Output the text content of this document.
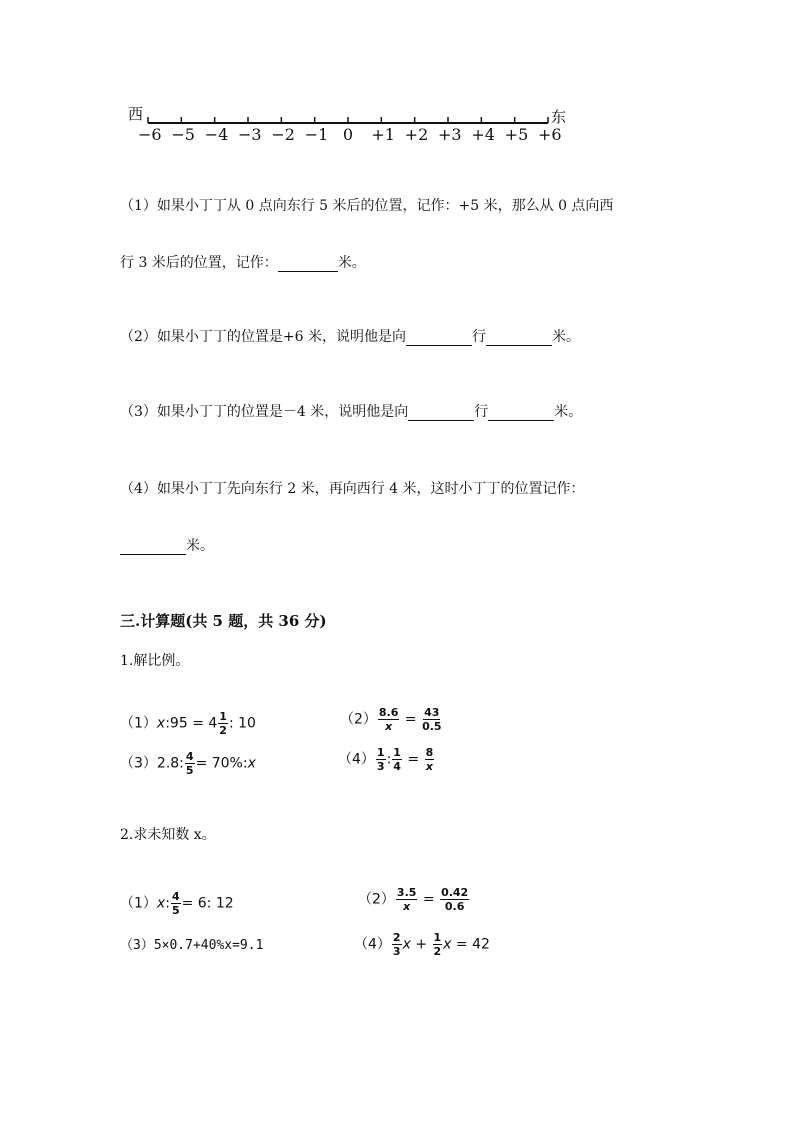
西	东
−6 −5 −4 −3 −2 −1 0	+1 +2 +3 +4 +5 +6
（1）如果小丁丁从 0 点向东行 5 米后的位置，记作：+5 米，那么从 0 点向西
行 3 米后的位置，记作：	米。
（2）如果小丁丁的位置是+6 米，说明他是向	行	米。
（3）如果小丁丁的位置是－4 米，说明他是向	行	米。
（4）如果小丁丁先向东行 2 米，再向西行 4 米，这时小丁丁的位置记作：
米。
三.计算题(共 5 题，共 36 分)
1.解比例。
（1）x:95 = $4 \frac{1}{2}$ : 10	$(2) \frac{8.6}{x} = \frac{43}{0.5}$
（3）2.8: $\frac{4}{5}$ = 70%:x	$(4) \frac{1}{3}$ : $\frac{1}{4} = \frac{8}{x}$
2.求未知数 x。
（1）x: $\frac{4}{5} = 6$: 12	$(2) \frac{3.5}{x} = \frac{0.42}{0.6}$
（3）5×0.7+40%x=9.1	$(4) \frac{2}{3}$ $x + \frac{1}{2}$ x = 42
